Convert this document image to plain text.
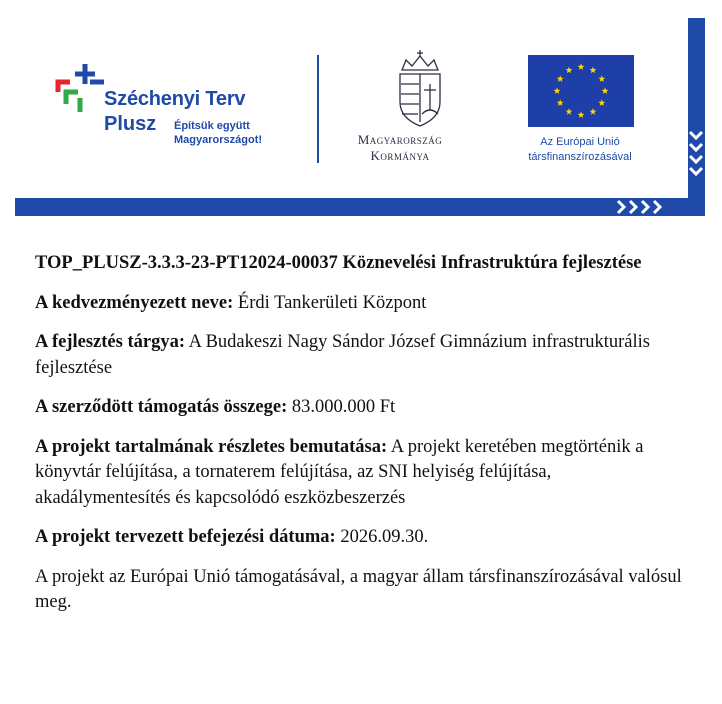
Széchenyi Terv
Plusz Építsük együtt
Magyarországot!	Magyarország
Kormánya
Az Európai Unió
társfinanszírozásával

TOP_PLUSZ-3.3.3-23-PT12024-00037 Köznevelési Infrastruktúra fejlesztése

A kedvezményezett neve: Érdi Tankerületi Központ

A fejlesztés tárgya: A Budakeszi Nagy Sándor József Gimnázium infrastrukturális fejlesztése

A szerződött támogatás összege: 83.000.000 Ft

A projekt tartalmának részletes bemutatása: A projekt keretében megtörténik a könyvtár felújítása, a tornaterem felújítása, az SNI helyiség felújítása, akadálymentesítés és kapcsolódó eszközbeszerzés

A projekt tervezett befejezési dátuma: 2026.09.30.

A projekt az Európai Unió támogatásával, a magyar állam társfinanszírozásával valósul meg.
